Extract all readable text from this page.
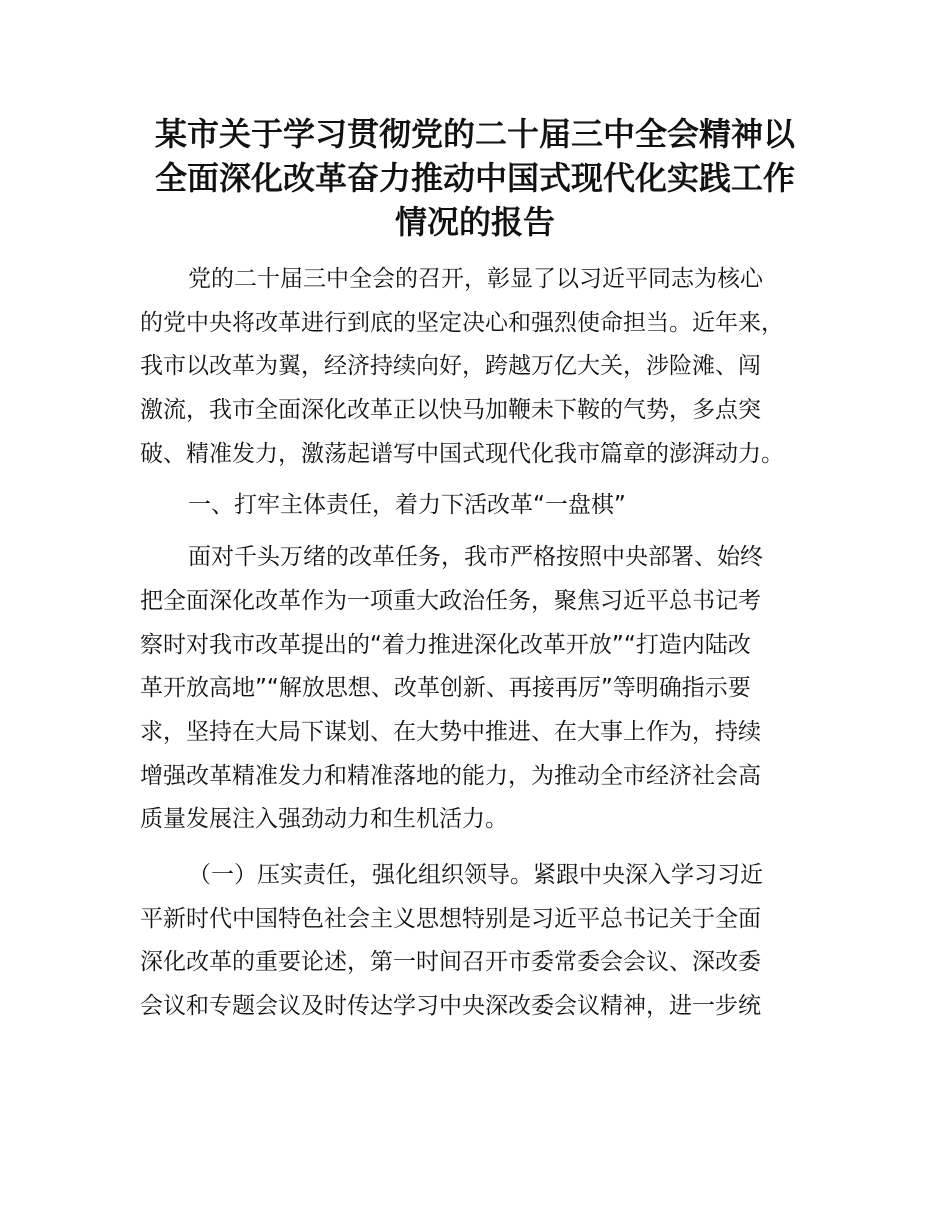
某市关于学习贯彻党的二十届三中全会精神以
全面深化改革奋力推动中国式现代化实践工作
情况的报告
党的二十届三中全会的召开，彰显了以习近平同志为核心
的党中央将改革进行到底的坚定决心和强烈使命担当。近年来，
我市以改革为翼，经济持续向好，跨越万亿大关，涉险滩、闯
激流，我市全面深化改革正以快马加鞭未下鞍的气势，多点突
破、精准发力，激荡起谱写中国式现代化我市篇章的澎湃动力。
一、打牢主体责任，着力下活改革“一盘棋”
面对千头万绪的改革任务，我市严格按照中央部署、始终
把全面深化改革作为一项重大政治任务，聚焦习近平总书记考
察时对我市改革提出的“着力推进深化改革开放”“打造内陆改
革开放高地”“解放思想、改革创新、再接再厉”等明确指示要
求，坚持在大局下谋划、在大势中推进、在大事上作为，持续
增强改革精准发力和精准落地的能力，为推动全市经济社会高
质量发展注入强劲动力和生机活力。
（一）压实责任，强化组织领导。紧跟中央深入学习习近
平新时代中国特色社会主义思想特别是习近平总书记关于全面
深化改革的重要论述，第一时间召开市委常委会会议、深改委
会议和专题会议及时传达学习中央深改委会议精神，进一步统
